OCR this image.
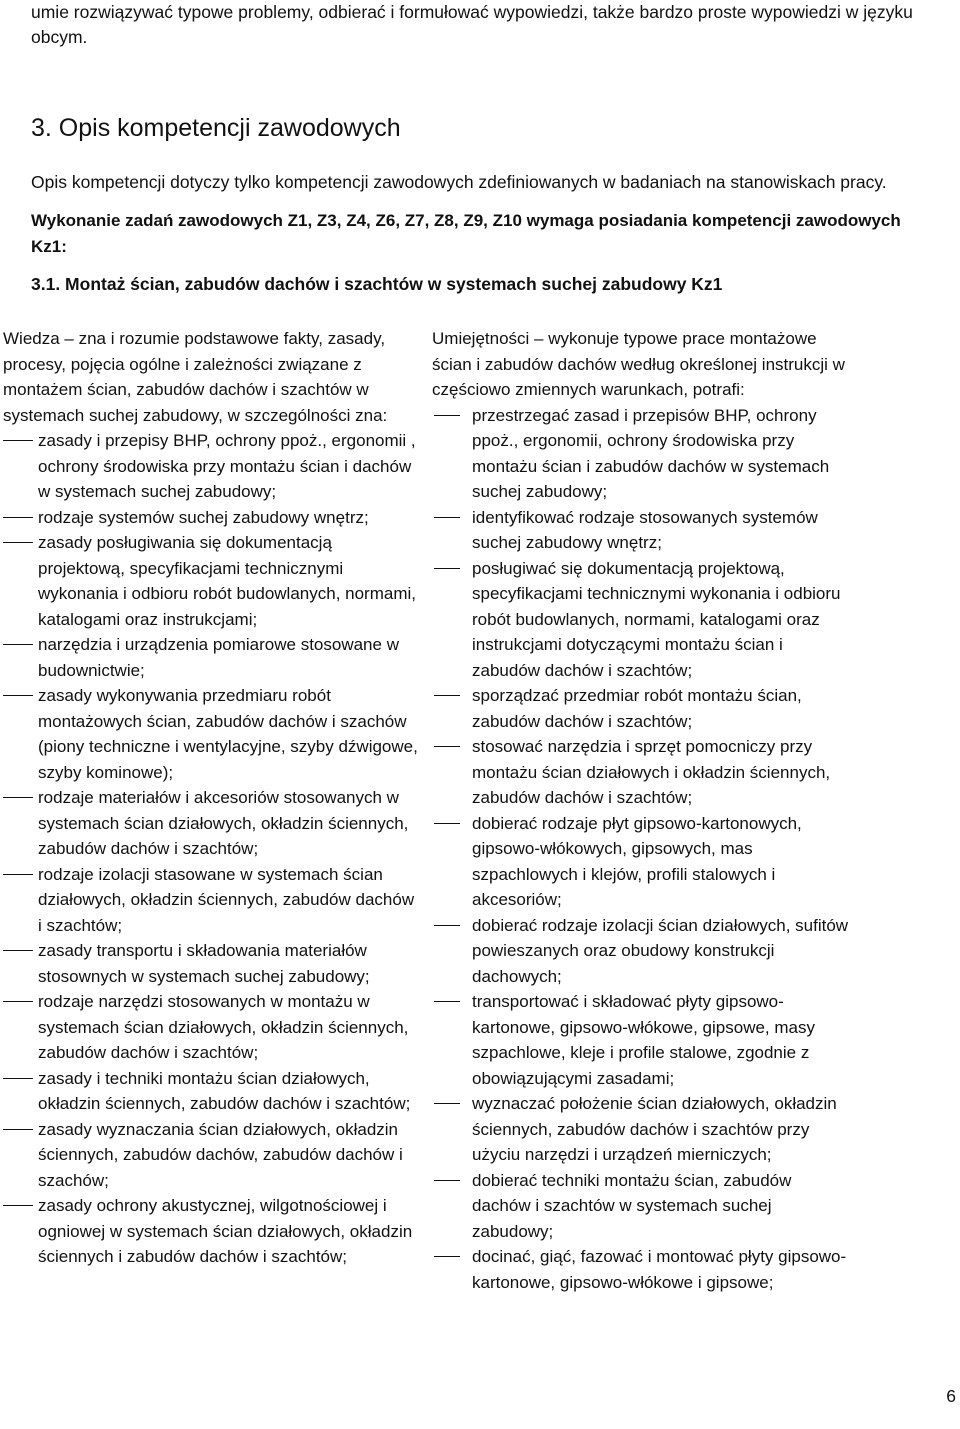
umie rozwiązywać typowe problemy, odbierać i formułować wypowiedzi, także bardzo proste wypowiedzi w języku obcym.

3. Opis kompetencji zawodowych

Opis kompetencji dotyczy tylko kompetencji zawodowych zdefiniowanych w badaniach na stanowiskach pracy.

Wykonanie zadań zawodowych Z1, Z3, Z4, Z6, Z7, Z8, Z9, Z10 wymaga posiadania kompetencji zawodowych Kz1:

3.1. Montaż ścian, zabudów dachów i szachtów w systemach suchej zabudowy Kz1

Wiedza – zna i rozumie podstawowe fakty, zasady, procesy, pojęcia ogólne i zależności związane z montażem ścian, zabudów dachów i szachtów w systemach suchej zabudowy, w szczególności zna:

zasady i przepisy BHP, ochrony ppoż., ergonomii , ochrony środowiska przy montażu ścian i dachów w systemach suchej zabudowy;
rodzaje systemów suchej zabudowy wnętrz;
zasady posługiwania się dokumentacją projektową, specyfikacjami technicznymi wykonania i odbioru robót budowlanych, normami, katalogami oraz instrukcjami;
narzędzia i urządzenia pomiarowe stosowane w budownictwie;
zasady wykonywania przedmiaru robót montażowych ścian, zabudów dachów i szachów (piony techniczne i wentylacyjne, szyby dźwigowe, szyby kominowe);
rodzaje materiałów i akcesoriów stosowanych w systemach ścian działowych, okładzin ściennych, zabudów dachów i szachtów;
rodzaje izolacji stasowane w systemach ścian działowych, okładzin ściennych, zabudów dachów i szachtów;
zasady transportu i składowania materiałów stosownych w systemach suchej zabudowy;
rodzaje narzędzi stosowanych w montażu w systemach ścian działowych, okładzin ściennych, zabudów dachów i szachtów;
zasady i techniki montażu ścian działowych, okładzin ściennych, zabudów dachów i szachtów;
zasady wyznaczania ścian działowych, okładzin ściennych, zabudów dachów, zabudów dachów i szachów;
zasady ochrony akustycznej, wilgotnościowej i ogniowej w systemach ścian działowych, okładzin ściennych i zabudów dachów i szachtów;

Umiejętności – wykonuje typowe prace montażowe ścian i zabudów dachów według określonej instrukcji w częściowo zmiennych warunkach, potrafi:

przestrzegać zasad i przepisów BHP, ochrony ppoż., ergonomii, ochrony środowiska przy montażu ścian i zabudów dachów w systemach suchej zabudowy;
identyfikować rodzaje stosowanych systemów suchej zabudowy wnętrz;
posługiwać się dokumentacją projektową, specyfikacjami technicznymi wykonania i odbioru robót budowlanych, normami, katalogami oraz instrukcjami dotyczącymi montażu ścian i zabudów dachów i szachtów;
sporządzać przedmiar robót montażu ścian, zabudów dachów i szachtów;
stosować narzędzia i sprzęt pomocniczy przy montażu ścian działowych i okładzin ściennych, zabudów dachów i szachtów;
dobierać rodzaje płyt gipsowo-kartonowych, gipsowo-włókowych, gipsowych, mas szpachlowych i klejów, profili stalowych i akcesoriów;
dobierać rodzaje izolacji ścian działowych, sufitów powieszanych oraz obudowy konstrukcji dachowych;
transportować i składować płyty gipsowo-kartonowe, gipsowo-włókowe, gipsowe, masy szpachlowe, kleje i profile stalowe, zgodnie z obowiązującymi zasadami;
wyznaczać położenie ścian działowych, okładzin ściennych, zabudów dachów i szachtów przy użyciu narzędzi i urządzeń mierniczych;
dobierać techniki montażu ścian, zabudów dachów i szachtów w systemach suchej zabudowy;
docinać, giąć, fazować i montować płyty gipsowo-kartonowe, gipsowo-włókowe i gipsowe;
6
